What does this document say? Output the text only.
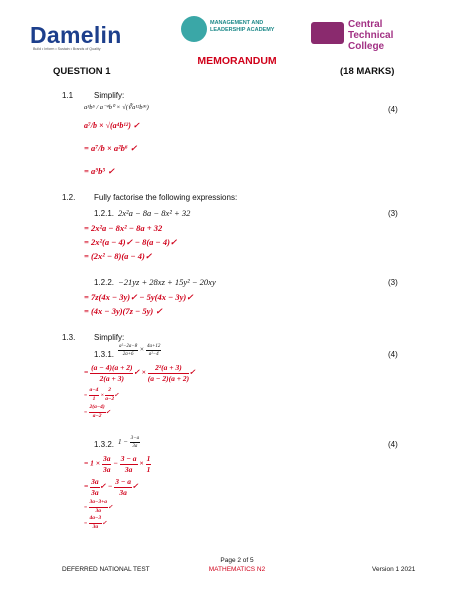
Damelin
Build • Inform • Sustain • Brands of Quality
MANAGEMENT AND
LEADERSHIP ACADEMY	Central
Technical
College
MEMORANDUM
QUESTION 1	(18 MARKS)
1.1	Simplify:
a³b⁵ / a⁻⁴b⁰ × √(∛a¹²b³⁶)	(4)
a⁷/b × √(a⁴b¹²) ✓
= a⁷/b × a²b⁶ ✓
= a⁹b⁵ ✓
1.2. Fully factorise the following expressions:
1.2.1. 2x²a − 8a − 8x² + 32	(3)
= 2x²a − 8x² − 8a + 32
= 2x²(a − 4)✓ − 8(a − 4)✓
= (2x² − 8)(a − 4)✓
1.2.2. −21yz + 28xz + 15y² − 20xy	(3)
= 7z(4x − 3y)✓ − 5y(4x − 3y)✓
= (4x − 3y)(7z − 5y) ✓
1.3. Simplify:
1.3.1. $\frac{\text{a²−2a−8}}{2a+6} \times \frac{4a+12}{\text{a²−4}}$	(4)
= $\frac{(a - 4)(a + 2)}{2(a + 3)}$ ✓ × $\frac{\text{2²(a + 3)}}{(a - 2)(a + 2)}$ ✓
= $\frac{a-4}{1} \times \frac{2}{a-2}$ ✓
= $\frac{2(a-4)}{a-2}$ ✓
1.3.2. $1 - \frac{3-a}{3a}$	(4)
= $1 \times \frac{3a}{3a} - \frac{3 - a}{3a} \times \frac{1}{1}$
= $\frac{3a}{3a}$ ✓ − $\frac{3 - a}{3a}$ ✓
= $\frac{3a-3+a}{3a}$ ✓
= $\frac{4a-3}{3a}$ ✓
Page 2 of 5
DEFERRED NATIONAL TEST	MATHEMATICS N2	Version 1 2021
